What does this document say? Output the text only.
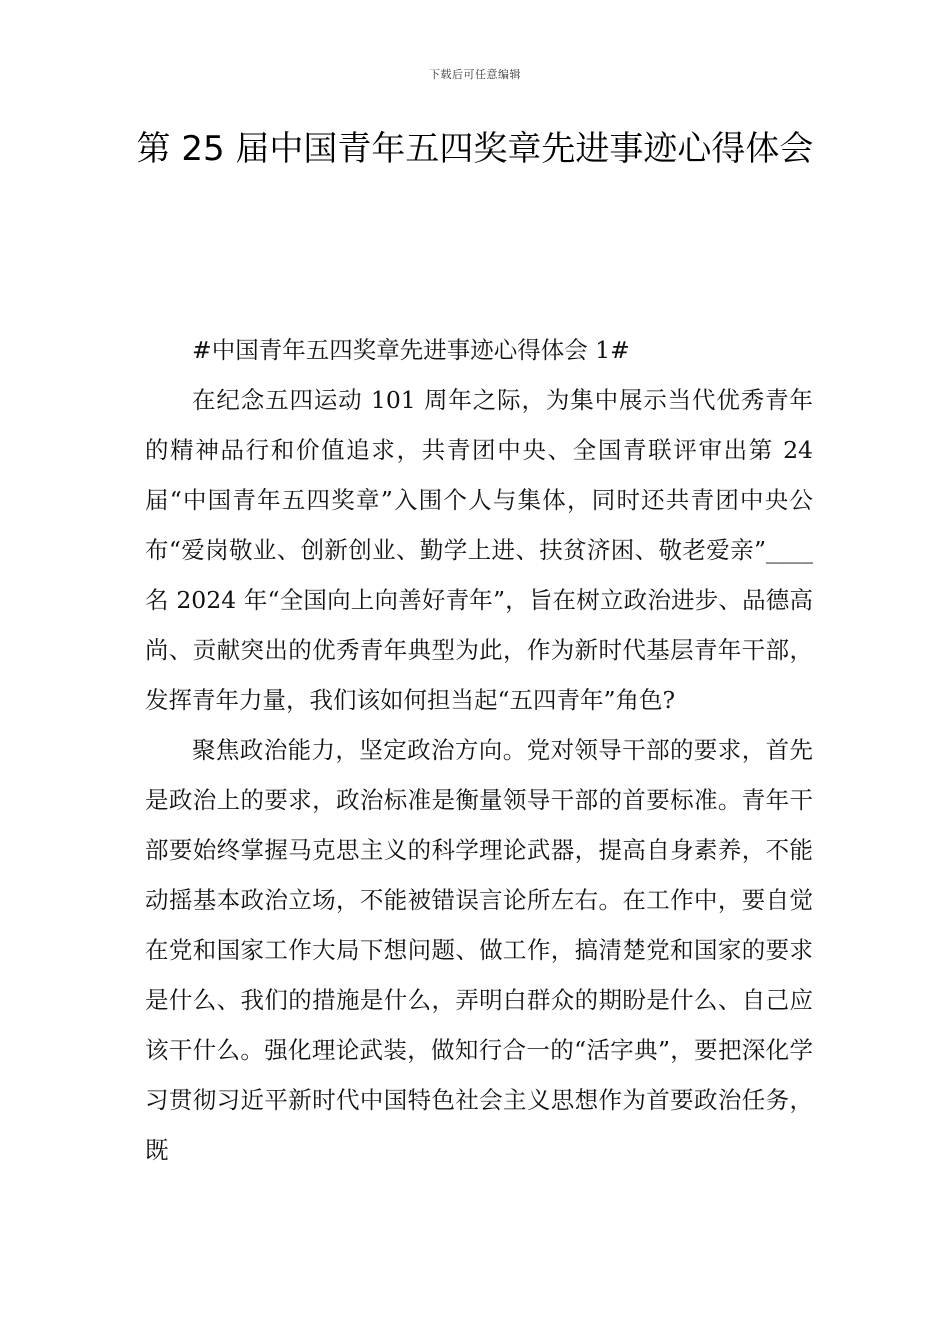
下载后可任意编辑
第 25 届中国青年五四奖章先进事迹心得体会

#中国青年五四奖章先进事迹心得体会 1#

在纪念五四运动 101 周年之际，为集中展示当代优秀青年的精神品行和价值追求，共青团中央、全国青联评审出第 24 届“中国青年五四奖章”入围个人与集体，同时还共青团中央公布“爱岗敬业、创新创业、勤学上进、扶贫济困、敬老爱亲”____名 2024 年“全国向上向善好青年”，旨在树立政治进步、品德高尚、贡献突出的优秀青年典型为此，作为新时代基层青年干部，发挥青年力量，我们该如何担当起“五四青年”角色?

聚焦政治能力，坚定政治方向。党对领导干部的要求，首先是政治上的要求，政治标准是衡量领导干部的首要标准。青年干部要始终掌握马克思主义的科学理论武器，提高自身素养，不能动摇基本政治立场，不能被错误言论所左右。在工作中，要自觉在党和国家工作大局下想问题、做工作，搞清楚党和国家的要求是什么、我们的措施是什么，弄明白群众的期盼是什么、自己应该干什么。强化理论武装，做知行合一的“活字典”，要把深化学习贯彻习近平新时代中国特色社会主义思想作为首要政治任务，既
